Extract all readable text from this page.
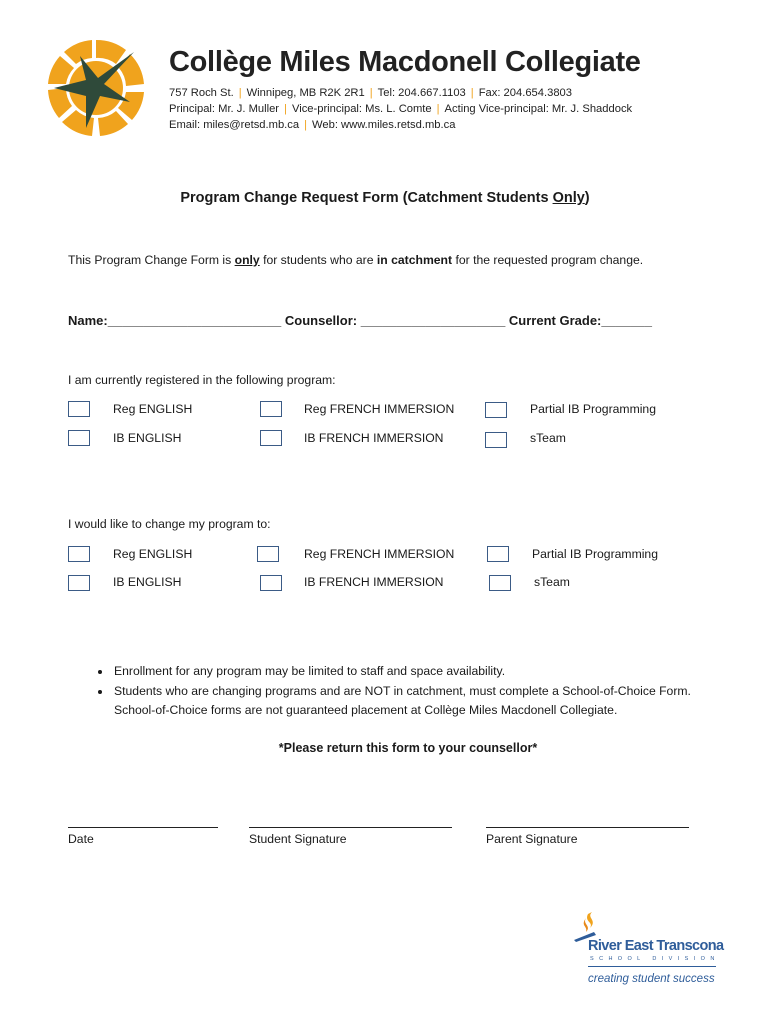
Collège Miles Macdonell Collegiate
757 Roch St. | Winnipeg, MB R2K 2R1 | Tel: 204.667.1103 | Fax: 204.654.3803
Principal: Mr. J. Muller | Vice-principal: Ms. L. Comte | Acting Vice-principal: Mr. J. Shaddock
Email: miles@retsd.mb.ca | Web: www.miles.retsd.mb.ca
Program Change Request Form (Catchment Students Only)
This Program Change Form is only for students who are in catchment for the requested program change.
Name:________________________ Counsellor: ____________________ Current Grade:_______
I am currently registered in the following program:
Reg ENGLISH	Reg FRENCH IMMERSION	Partial IB Programming
IB ENGLISH	IB FRENCH IMMERSION	sTeam
I would like to change my program to:
Reg ENGLISH	Reg FRENCH IMMERSION	Partial IB Programming
IB ENGLISH	IB FRENCH IMMERSION	sTeam
• Enrollment for any program may be limited to staff and space availability.
• Students who are changing programs and are NOT in catchment, must complete a School-of-Choice Form. School-of-Choice forms are not guaranteed placement at Collège Miles Macdonell Collegiate.
*Please return this form to your counsellor*
Date	Student Signature	Parent Signature
River East Transcona
SCHOOL DIVISION
creating student success
